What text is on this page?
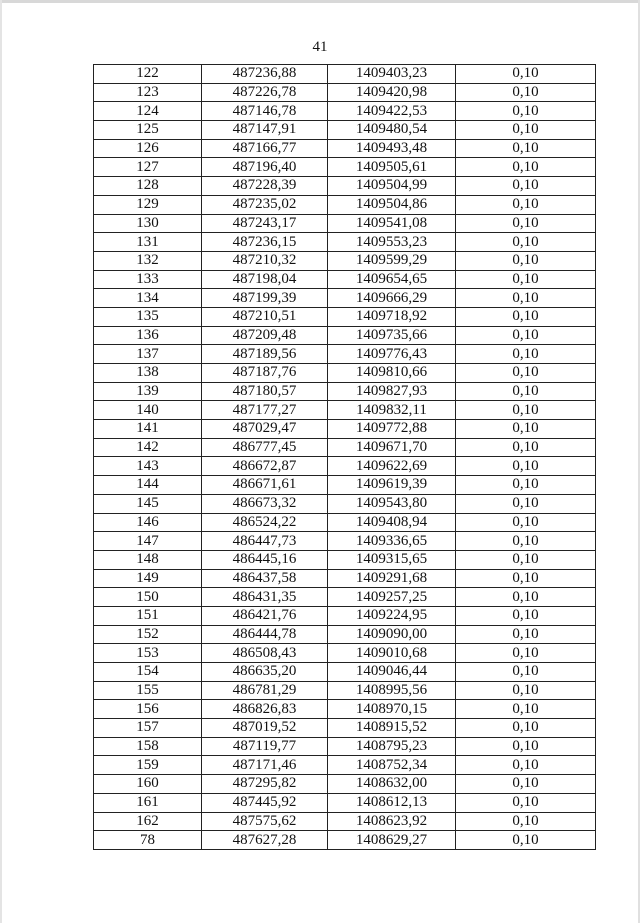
41
122	487236,88	1409403,23	0,10
123	487226,78	1409420,98	0,10
124	487146,78	1409422,53	0,10
125	487147,91	1409480,54	0,10
126	487166,77	1409493,48	0,10
127	487196,40	1409505,61	0,10
128	487228,39	1409504,99	0,10
129	487235,02	1409504,86	0,10
130	487243,17	1409541,08	0,10
131	487236,15	1409553,23	0,10
132	487210,32	1409599,29	0,10
133	487198,04	1409654,65	0,10
134	487199,39	1409666,29	0,10
135	487210,51	1409718,92	0,10
136	487209,48	1409735,66	0,10
137	487189,56	1409776,43	0,10
138	487187,76	1409810,66	0,10
139	487180,57	1409827,93	0,10
140	487177,27	1409832,11	0,10
141	487029,47	1409772,88	0,10
142	486777,45	1409671,70	0,10
143	486672,87	1409622,69	0,10
144	486671,61	1409619,39	0,10
145	486673,32	1409543,80	0,10
146	486524,22	1409408,94	0,10
147	486447,73	1409336,65	0,10
148	486445,16	1409315,65	0,10
149	486437,58	1409291,68	0,10
150	486431,35	1409257,25	0,10
151	486421,76	1409224,95	0,10
152	486444,78	1409090,00	0,10
153	486508,43	1409010,68	0,10
154	486635,20	1409046,44	0,10
155	486781,29	1408995,56	0,10
156	486826,83	1408970,15	0,10
157	487019,52	1408915,52	0,10
158	487119,77	1408795,23	0,10
159	487171,46	1408752,34	0,10
160	487295,82	1408632,00	0,10
161	487445,92	1408612,13	0,10
162	487575,62	1408623,92	0,10
78	487627,28	1408629,27	0,10
